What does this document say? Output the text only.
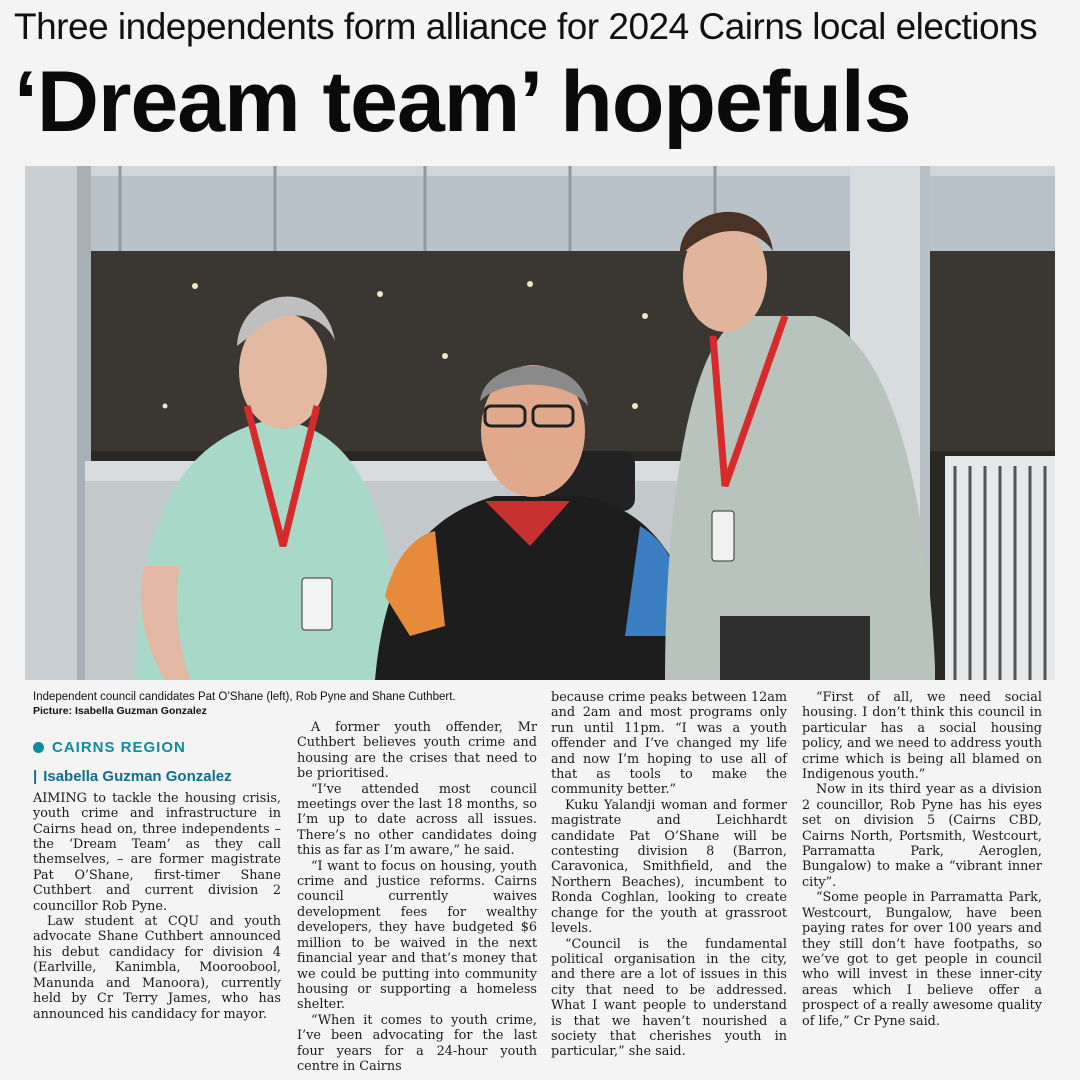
Three independents form alliance for 2024 Cairns local elections
‘Dream team’ hopefuls
Independent council candidates Pat O’Shane (left), Rob Pyne and Shane Cuthbert.
Picture: Isabella Guzman Gonzalez
CAIRNS REGION
| Isabella Guzman Gonzalez

AIMING to tackle the housing crisis, youth crime and infrastructure in Cairns head on, three independents – the ‘Dream Team’ as they call themselves, – are former magistrate Pat O’Shane, first-timer Shane Cuthbert and current division 2 councillor Rob Pyne.

Law student at CQU and youth advocate Shane Cuthbert announced his debut candidacy for division 4 (Earlville, Kanimbla, Mooroobool, Manunda and Manoora), currently held by Cr Terry James, who has announced his candidacy for mayor.

A former youth offender, Mr Cuthbert believes youth crime and housing are the crises that need to be prioritised.

“I’ve attended most council meetings over the last 18 months, so I’m up to date across all issues. There’s no other candidates doing this as far as I’m aware,” he said.

“I want to focus on housing, youth crime and justice reforms. Cairns council currently waives development fees for wealthy developers, they have budgeted $6 million to be waived in the next financial year and that’s money that we could be putting into community housing or supporting a homeless shelter.

“When it comes to youth crime, I’ve been advocating for the last four years for a 24-hour youth centre in Cairns

because crime peaks between 12am and 2am and most programs only run until 11pm. “I was a youth offender and I’ve changed my life and now I’m hoping to use all of that as tools to make the community better.”

Kuku Yalandji woman and former magistrate and Leichhardt candidate Pat O’Shane will be contesting division 8 (Barron, Caravonica, Smithfield, and the Northern Beaches), incumbent to Ronda Coghlan, looking to create change for the youth at grassroot levels.

“Council is the fundamental political organisation in the city, and there are a lot of issues in this city that need to be addressed. What I want people to understand is that we haven’t nourished a society that cherishes youth in particular,” she said.

“First of all, we need social housing. I don’t think this council in particular has a social housing policy, and we need to address youth crime which is being all blamed on Indigenous youth.”

Now in its third year as a division 2 councillor, Rob Pyne has his eyes set on division 5 (Cairns CBD, Cairns North, Portsmith, Westcourt, Parramatta Park, Aeroglen, Bungalow) to make a “vibrant inner city”.

“Some people in Parramatta Park, Westcourt, Bungalow, have been paying rates for over 100 years and they still don’t have footpaths, so we’ve got to get people in council who will invest in these inner-city areas which I believe offer a prospect of a really awesome quality of life,” Cr Pyne said.
